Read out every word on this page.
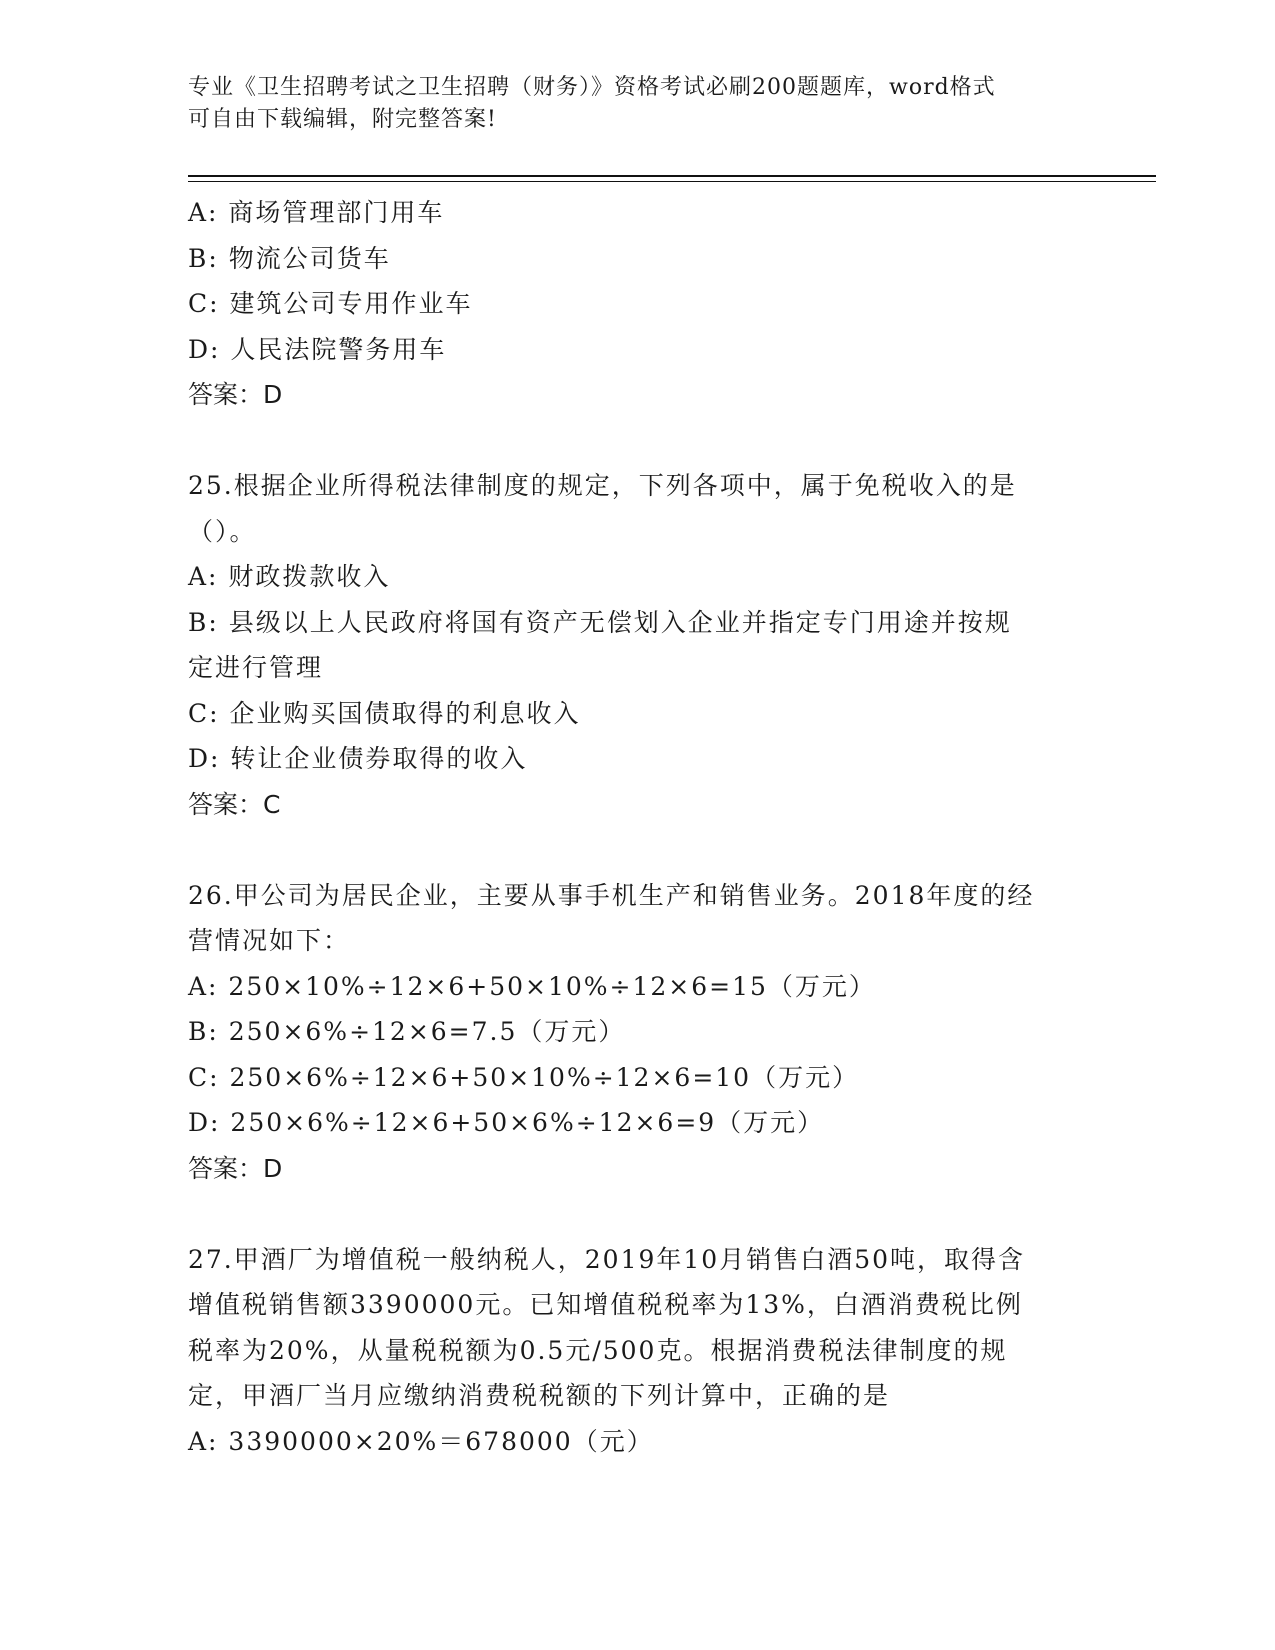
专业《卫生招聘考试之卫生招聘（财务）》资格考试必刷200题题库，word格式
可自由下载编辑，附完整答案!
A: 商场管理部门用车
B: 物流公司货车
C: 建筑公司专用作业车
D: 人民法院警务用车
答案：D
25.根据企业所得税法律制度的规定，下列各项中，属于免税收入的是
（）。
A: 财政拨款收入
B: 县级以上人民政府将国有资产无偿划入企业并指定专门用途并按规
定进行管理
C: 企业购买国债取得的利息收入
D: 转让企业债券取得的收入
答案：C
26.甲公司为居民企业，主要从事手机生产和销售业务。2018年度的经
营情况如下：
A: 250×10%÷12×6+50×10%÷12×6=15（万元）
B: 250×6%÷12×6=7.5（万元）
C: 250×6%÷12×6+50×10%÷12×6=10（万元）
D: 250×6%÷12×6+50×6%÷12×6=9（万元）
答案：D
27.甲酒厂为增值税一般纳税人，2019年10月销售白酒50吨，取得含
增值税销售额3390000元。已知增值税税率为13%，白酒消费税比例
税率为20%，从量税税额为0.5元/500克。根据消费税法律制度的规
定，甲酒厂当月应缴纳消费税税额的下列计算中，正确的是
A: 3390000×20%＝678000（元）
